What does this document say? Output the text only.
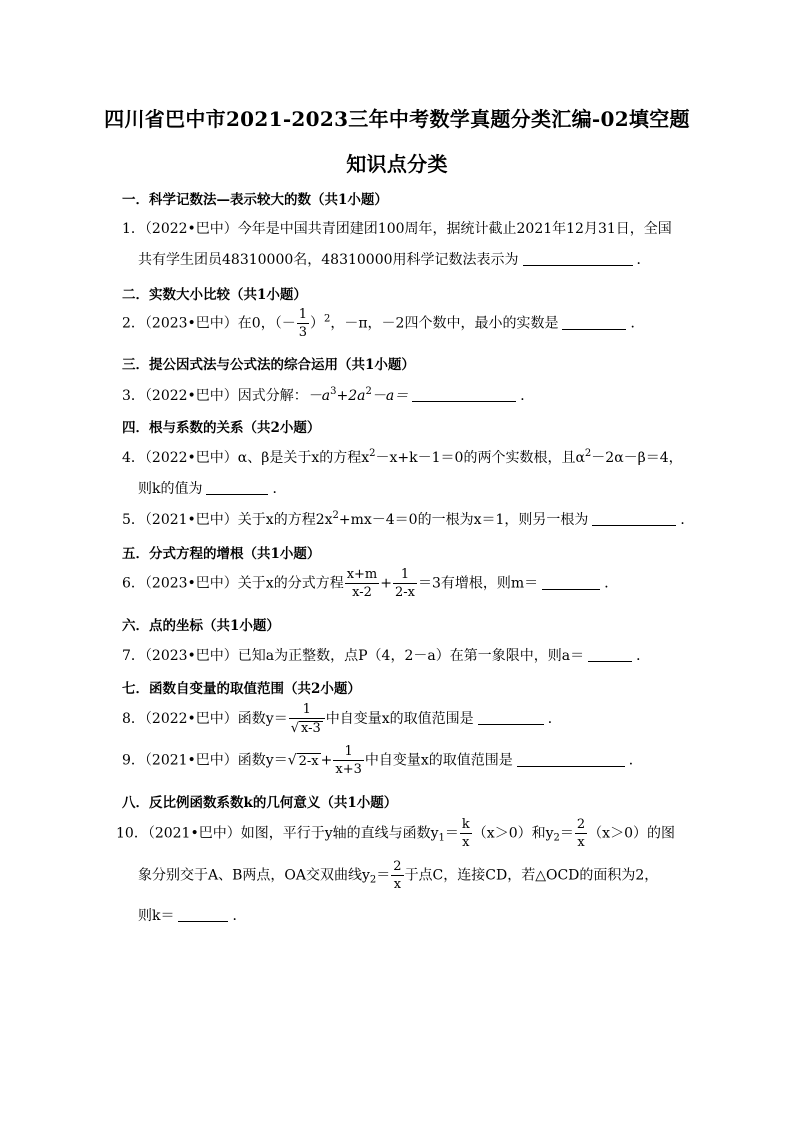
四川省巴中市2021-2023三年中考数学真题分类汇编-02填空题
知识点分类
一．科学记数法—表示较大的数（共1小题）
1．（2022•巴中）今年是中国共青团建团100周年，据统计截止2021年12月31日，全国
共有学生团员48310000名，48310000用科学记数法表示为	．
二．实数大小比较（共1小题）
2．（2023•巴中）在0，（－ $\frac{1}{3} )^2$，－π，－2四个数中，最小的实数是	．
三．提公因式法与公式法的综合运用（共1小题）
3．（2022•巴中）因式分解：$-a^3+2a^2-a=$	．
四．根与系数的关系（共2小题）
4．（2022•巴中）α、β是关于x的方程$x^2-x+k-1=0$的两个实数根，且$\alpha^2-2\alpha-\beta=4$，
则k的值为	．
5．（2021•巴中）关于x的方程$2x^2+mx-4=0$的一根为x＝1，则另一根为	．
五．分式方程的增根（共1小题）
6．（2023•巴中）关于x的分式方程 $\frac{x+m}{x-2} + \frac{1}{2-x} =3$有增根，则m＝	．
六．点的坐标（共1小题）
7．（2023•巴中）已知a为正整数，点P（4，2－a）在第一象限中，则a＝	．
七．函数自变量的取值范围（共2小题）
8．（2022•巴中）函数$y= \frac{1}{√ x-3}$ 中自变量x的取值范围是	．
9．（2021•巴中）函数y＝√ $2-x + \frac{1}{x+3}$ 中自变量x的取值范围是	．
八．反比例函数系数k的几何意义（共1小题）
10．（2021•巴中）如图，平行于y轴的直线与函数$y_1= \frac{k}{x} (x>0)$和$y_2= \frac{2}{x} (x>0)$的图
象分别交于A、B两点，OA交双曲线$y_2= \frac{2}{x}$ 于点C，连接CD，若△OCD的面积为2，
则k＝	．
